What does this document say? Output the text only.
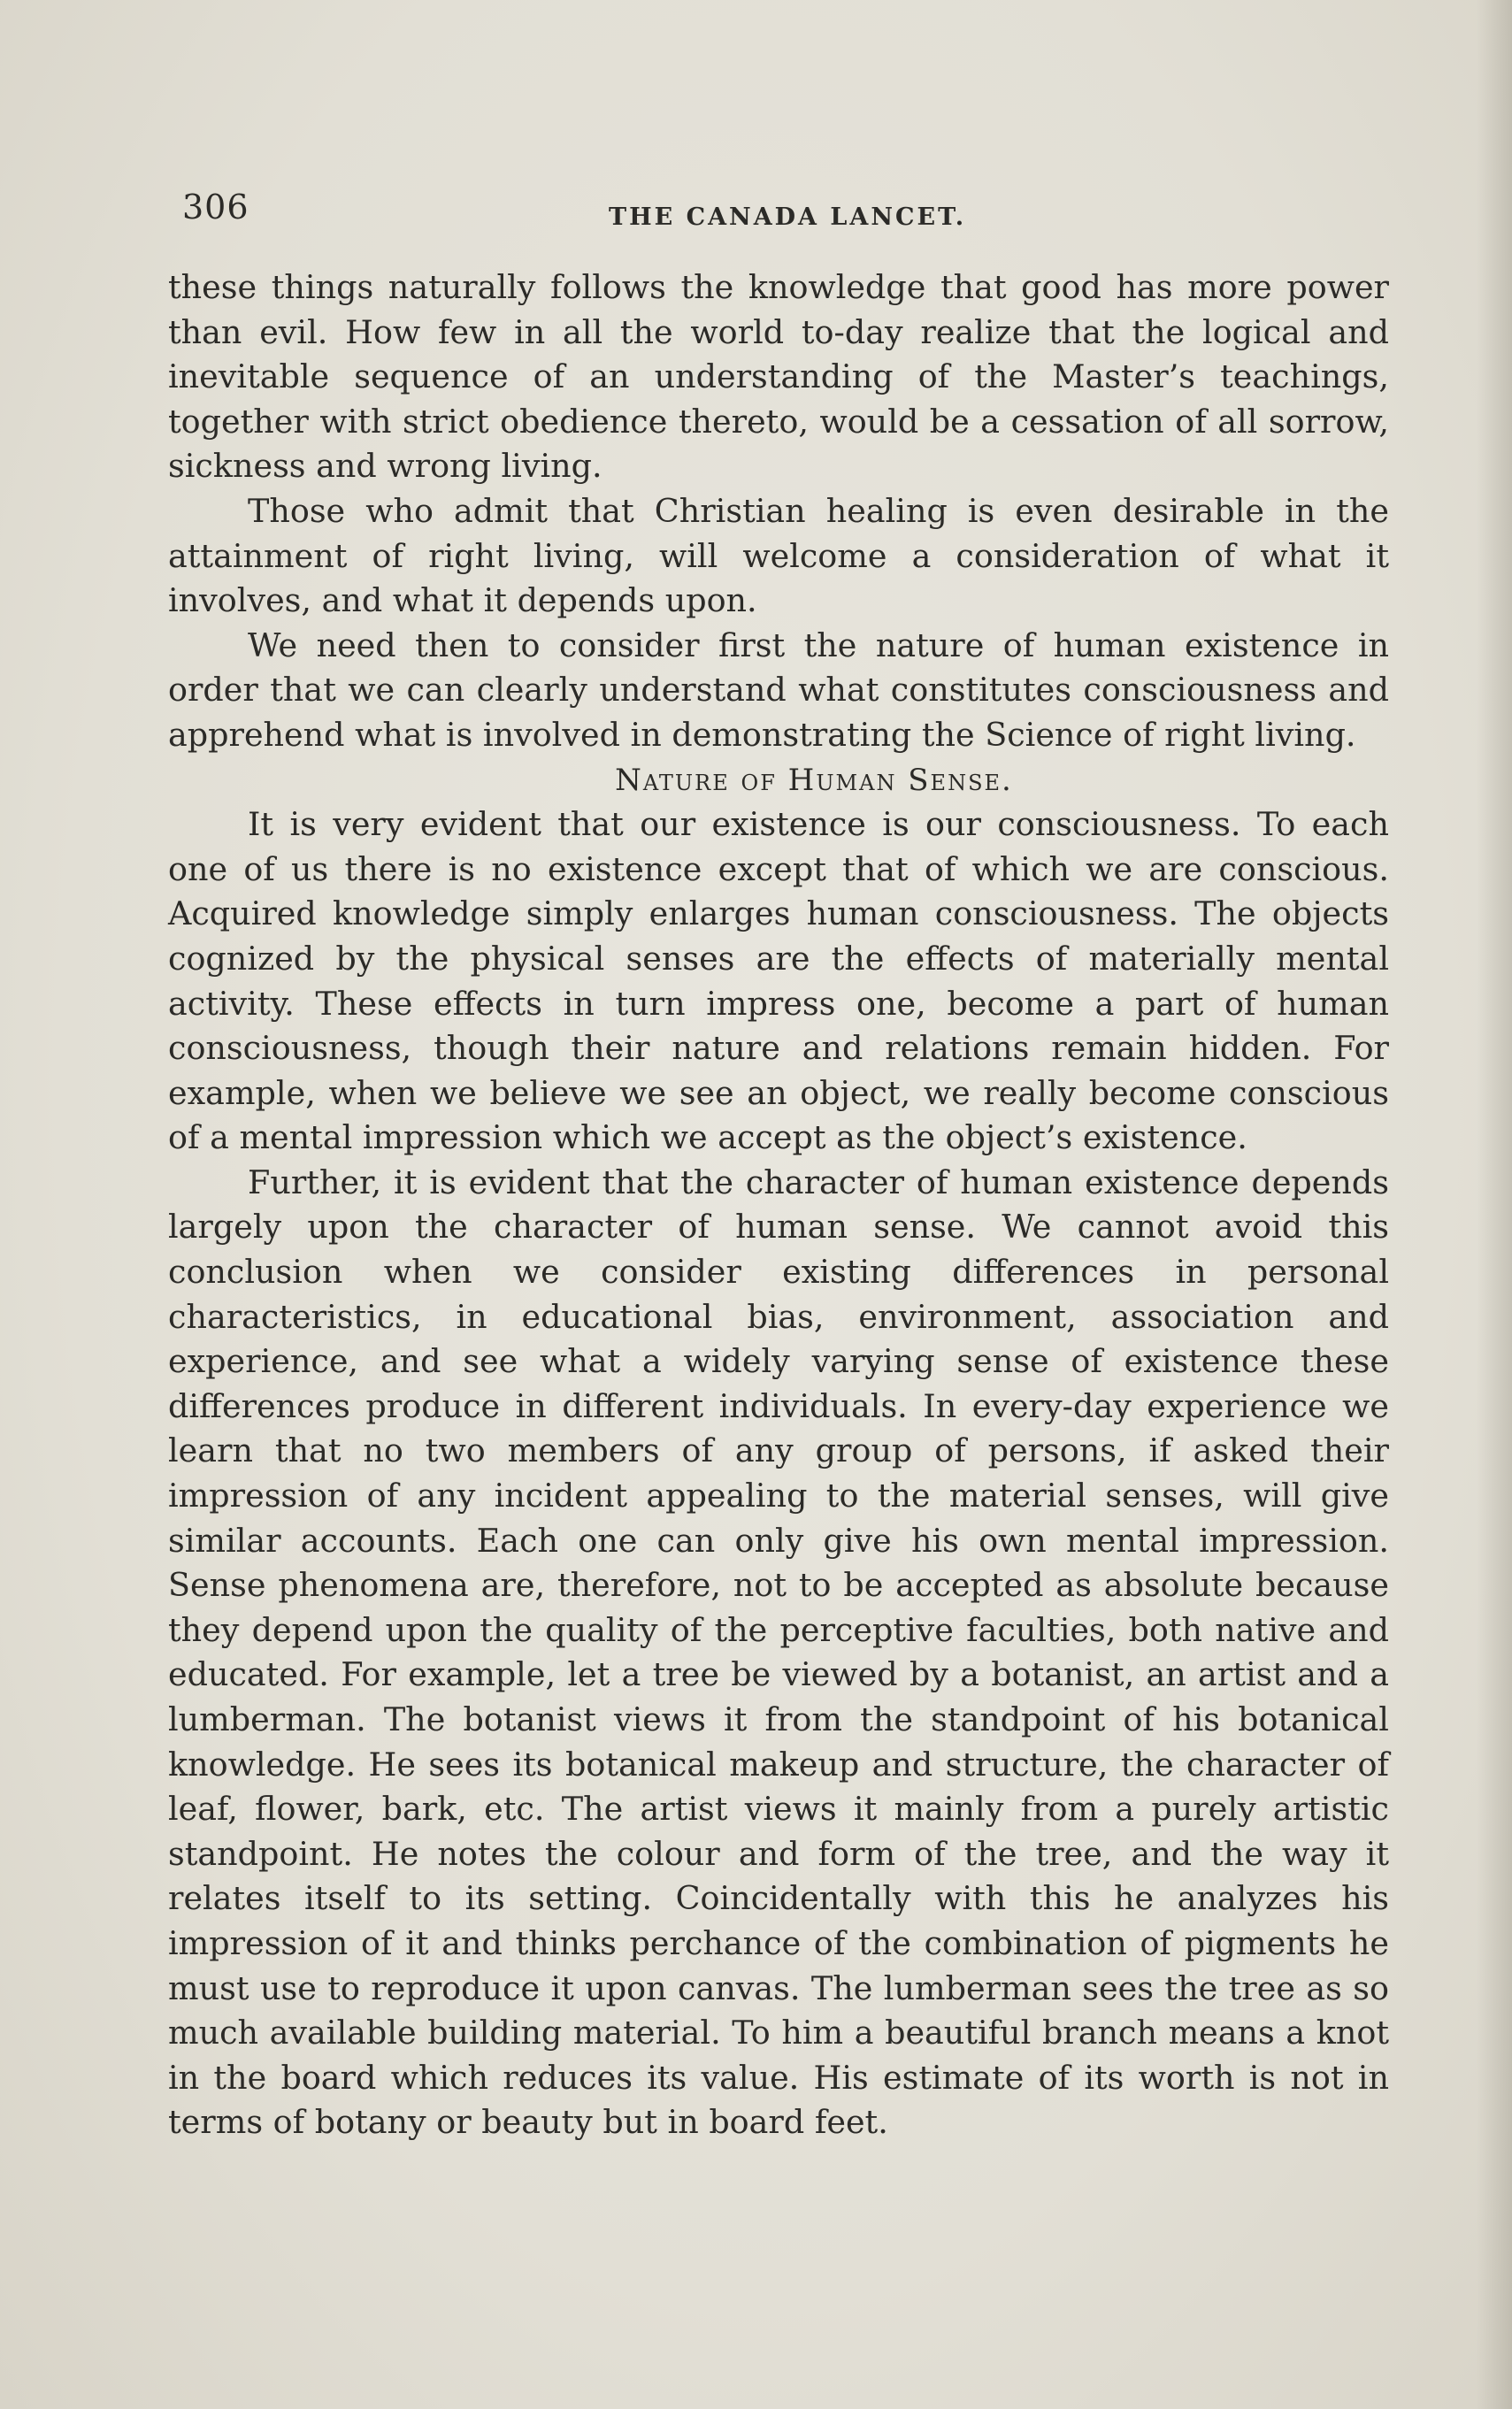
306	THE CANADA LANCET.

these things naturally follows the knowledge that good has more power than evil. How few in all the world to-day realize that the logical and inevitable sequence of an understanding of the Master’s teachings, together with strict obedience thereto, would be a cessation of all sorrow, sickness and wrong living.

Those who admit that Christian healing is even desirable in the attainment of right living, will welcome a consideration of what it involves, and what it depends upon.

We need then to consider first the nature of human existence in order that we can clearly understand what constitutes consciousness and apprehend what is involved in demonstrating the Science of right living.

Nature of Human Sense.

It is very evident that our existence is our consciousness. To each one of us there is no existence except that of which we are conscious. Acquired knowledge simply enlarges human consciousness. The objects cognized by the physical senses are the effects of materially mental activity. These effects in turn impress one, become a part of human consciousness, though their nature and relations remain hidden. For example, when we believe we see an object, we really become conscious of a mental impression which we accept as the object’s existence.

Further, it is evident that the character of human existence depends largely upon the character of human sense. We cannot avoid this conclusion when we consider existing differences in personal characteristics, in educational bias, environment, association and experience, and see what a widely varying sense of existence these differences produce in different individuals. In every-day experience we learn that no two members of any group of persons, if asked their impression of any incident appealing to the material senses, will give similar accounts. Each one can only give his own mental impression. Sense phenomena are, therefore, not to be accepted as absolute because they depend upon the quality of the perceptive faculties, both native and educated. For example, let a tree be viewed by a botanist, an artist and a lumberman. The botanist views it from the standpoint of his botanical knowledge. He sees its botanical makeup and structure, the character of leaf, flower, bark, etc. The artist views it mainly from a purely artistic standpoint. He notes the colour and form of the tree, and the way it relates itself to its setting. Coincidentally with this he analyzes his impression of it and thinks perchance of the combination of pigments he must use to reproduce it upon canvas. The lumberman sees the tree as so much available building material. To him a beautiful branch means a knot in the board which reduces its value. His estimate of its worth is not in terms of botany or beauty but in board feet.
